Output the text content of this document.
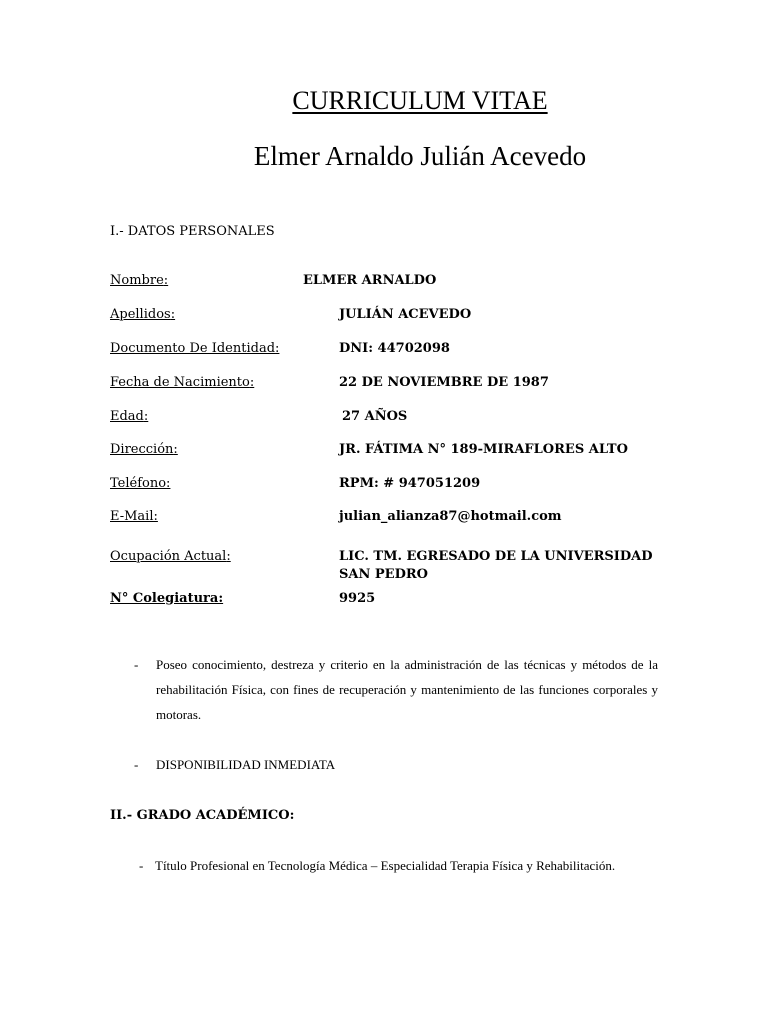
CURRICULUM VITAE
Elmer Arnaldo Julián Acevedo
I.- DATOS PERSONALES
Nombre:	ELMER ARNALDO
Apellidos:	JULIÁN ACEVEDO
Documento De Identidad:	DNI: 44702098
Fecha de Nacimiento:	22 DE NOVIEMBRE DE 1987
Edad:	27 AÑOS
Dirección:	JR. FÁTIMA N° 189-MIRAFLORES ALTO
Teléfono:	RPM: # 947051209
E-Mail:	julian_alianza87@hotmail.com
Ocupación Actual:	LIC. TM. EGRESADO DE LA UNIVERSIDAD SAN PEDRO
N° Colegiatura:	9925
- Poseo conocimiento, destreza y criterio en la administración de las técnicas y métodos de la rehabilitación Física, con fines de recuperación y mantenimiento de las funciones corporales y motoras.
- DISPONIBILIDAD INMEDIATA
II.- GRADO ACADÉMICO:
- Título Profesional en Tecnología Médica – Especialidad Terapia Física y Rehabilitación.
